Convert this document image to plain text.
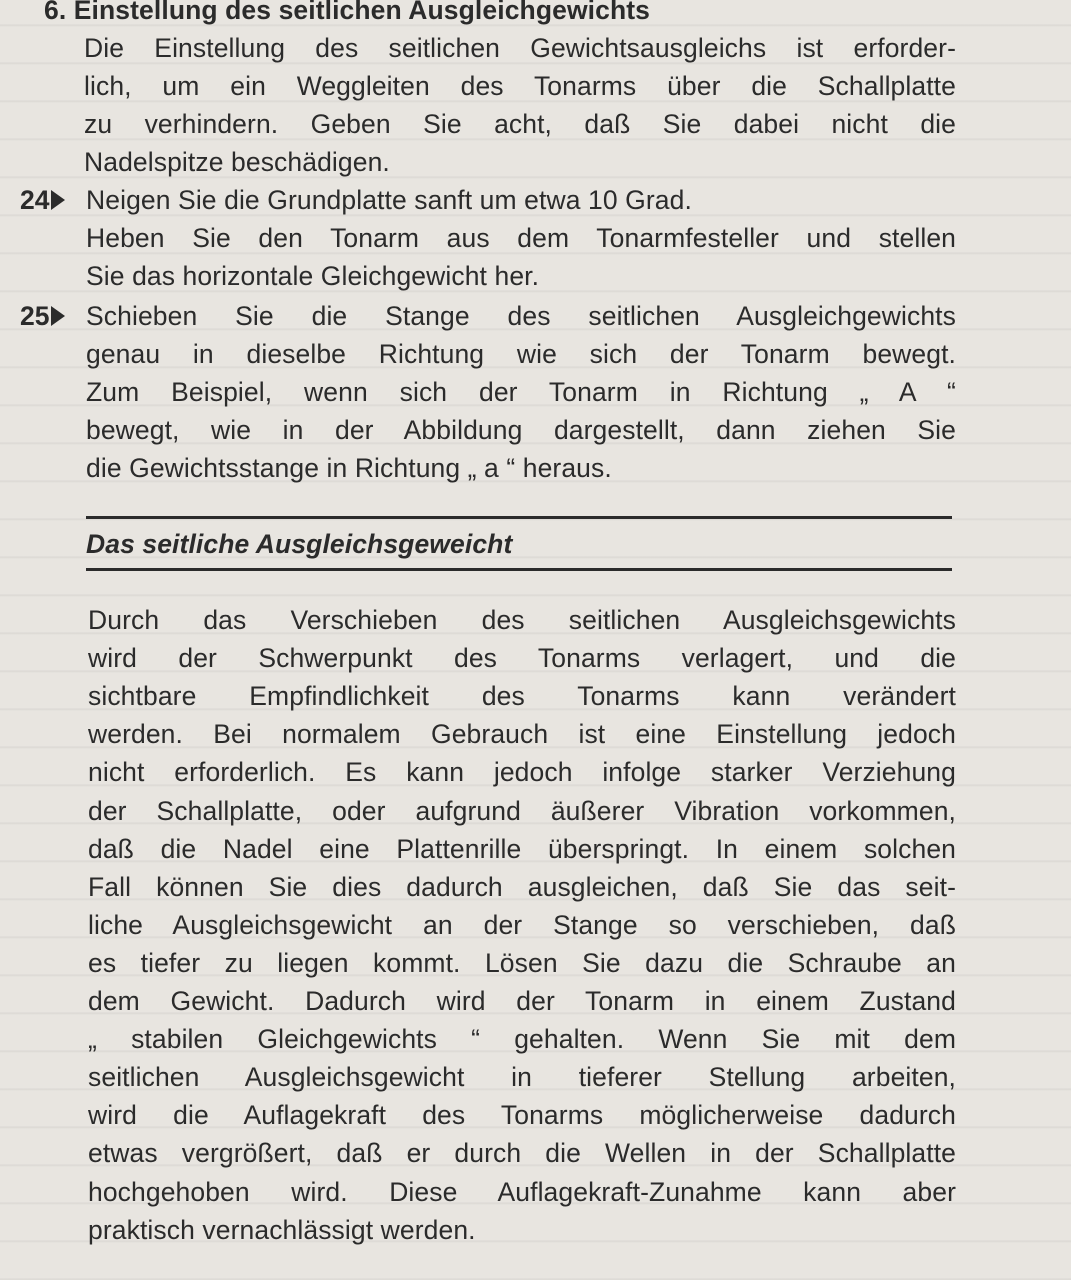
6. Einstellung des seitlichen Ausgleichgewichts
Die Einstellung des seitlichen Gewichtsausgleichs ist erforder-
lich, um ein Weggleiten des Tonarms über die Schallplatte
zu verhindern. Geben Sie acht, daß Sie dabei nicht die
Nadelspitze beschädigen.
24 Neigen Sie die Grundplatte sanft um etwa 10 Grad.
Heben Sie den Tonarm aus dem Tonarmfesteller und stellen
Sie das horizontale Gleichgewicht her.
25 Schieben Sie die Stange des seitlichen Ausgleichgewichts
genau in dieselbe Richtung wie sich der Tonarm bewegt.
Zum Beispiel, wenn sich der Tonarm in Richtung „ A “
bewegt, wie in der Abbildung dargestellt, dann ziehen Sie
die Gewichtsstange in Richtung „ a “ heraus.
Das seitliche Ausgleichsgeweicht
Durch das Verschieben des seitlichen Ausgleichsgewichts
wird der Schwerpunkt des Tonarms verlagert, und die
sichtbare Empfindlichkeit des Tonarms kann verändert
werden. Bei normalem Gebrauch ist eine Einstellung jedoch
nicht erforderlich. Es kann jedoch infolge starker Verziehung
der Schallplatte, oder aufgrund äußerer Vibration vorkommen,
daß die Nadel eine Plattenrille überspringt. In einem solchen
Fall können Sie dies dadurch ausgleichen, daß Sie das seit-
liche Ausgleichsgewicht an der Stange so verschieben, daß
es tiefer zu liegen kommt. Lösen Sie dazu die Schraube an
dem Gewicht. Dadurch wird der Tonarm in einem Zustand
„ stabilen Gleichgewichts “ gehalten. Wenn Sie mit dem
seitlichen Ausgleichsgewicht in tieferer Stellung arbeiten,
wird die Auflagekraft des Tonarms möglicherweise dadurch
etwas vergrößert, daß er durch die Wellen in der Schallplatte
hochgehoben wird. Diese Auflagekraft-Zunahme kann aber
praktisch vernachlässigt werden.
